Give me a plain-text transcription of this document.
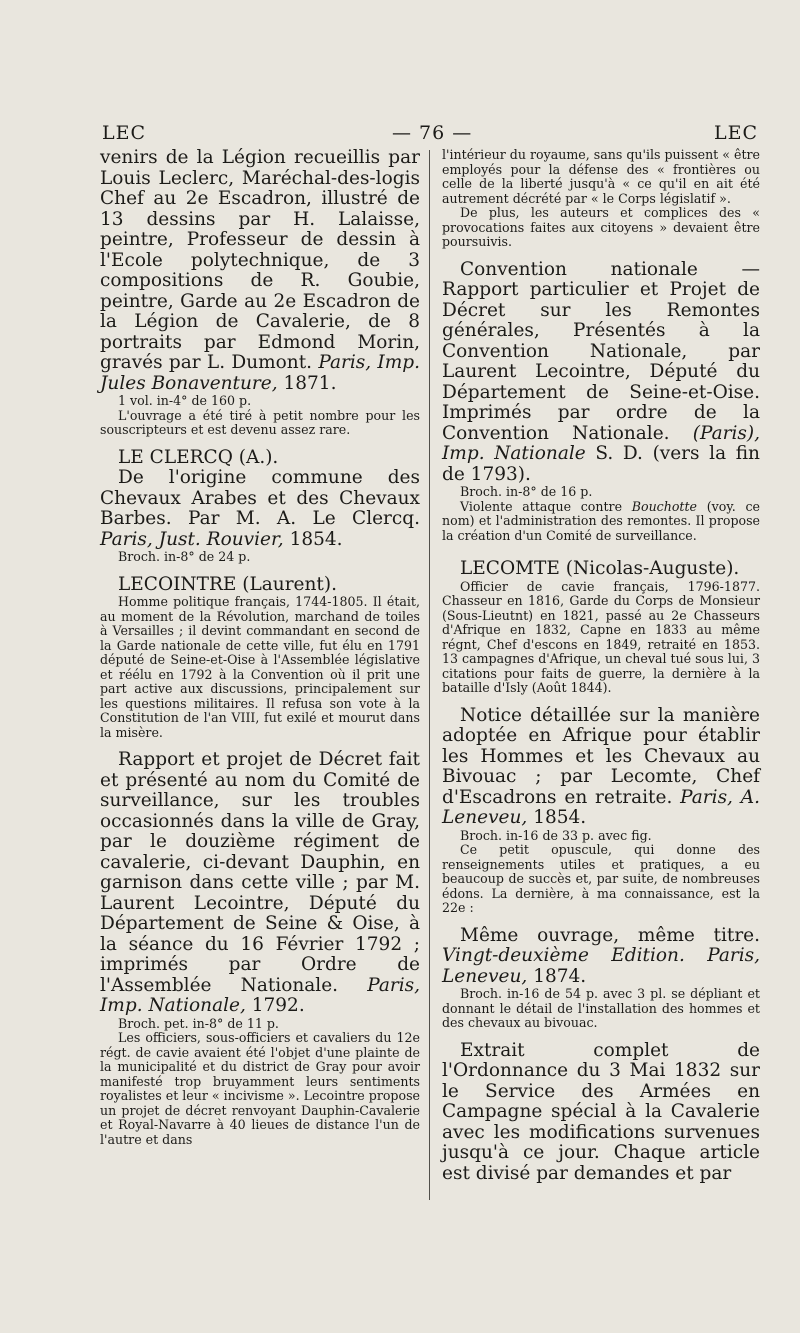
LEC	— 76 —	LEC

venirs de la Légion recueillis par Louis Leclerc, Maréchal-des-logis Chef au 2e Escadron, illustré de 13 dessins par H. Lalaisse, peintre, Professeur de dessin à l'Ecole polytechnique, de 3 compositions de R. Goubie, peintre, Garde au 2e Escadron de la Légion de Cavalerie, de 8 portraits par Edmond Morin, gravés par L. Dumont. Paris, Imp. Jules Bonaventure, 1871.

1 vol. in-4° de 160 p.

L'ouvrage a été tiré à petit nombre pour les souscripteurs et est devenu assez rare.

LE CLERCQ (A.).

De l'origine commune des Chevaux Arabes et des Chevaux Barbes. Par M. A. Le Clercq. Paris, Just. Rouvier, 1854.

Broch. in-8° de 24 p.

LECOINTRE (Laurent).

Homme politique français, 1744-1805. Il était, au moment de la Révolution, marchand de toiles à Versailles ; il devint commandant en second de la Garde nationale de cette ville, fut élu en 1791 député de Seine-et-Oise à l'Assemblée législative et réélu en 1792 à la Convention où il prit une part active aux discussions, principalement sur les questions militaires. Il refusa son vote à la Constitution de l'an VIII, fut exilé et mourut dans la misère.

Rapport et projet de Décret fait et présenté au nom du Comité de surveillance, sur les troubles occasionnés dans la ville de Gray, par le douzième régiment de cavalerie, ci-devant Dauphin, en garnison dans cette ville ; par M. Laurent Lecointre, Député du Département de Seine & Oise, à la séance du 16 Février 1792 ; imprimés par Ordre de l'Assemblée Nationale. Paris, Imp. Nationale, 1792.

Broch. pet. in-8° de 11 p.

Les officiers, sous-officiers et cavaliers du 12e régt. de cavie avaient été l'objet d'une plainte de la municipalité et du district de Gray pour avoir manifesté trop bruyamment leurs sentiments royalistes et leur « incivisme ». Lecointre propose un projet de décret renvoyant Dauphin-Cavalerie et Royal-Navarre à 40 lieues de distance l'un de l'autre et dans

l'intérieur du royaume, sans qu'ils puissent « être employés pour la défense des « frontières ou celle de la liberté jusqu'à « ce qu'il en ait été autrement décrété par « le Corps législatif ».

De plus, les auteurs et complices des « provocations faites aux citoyens » devaient être poursuivis.

Convention nationale — Rapport particulier et Projet de Décret sur les Remontes générales, Présentés à la Convention Nationale, par Laurent Lecointre, Député du Département de Seine-et-Oise. Imprimés par ordre de la Convention Nationale. (Paris), Imp. Nationale S. D. (vers la fin de 1793).

Broch. in-8° de 16 p.

Violente attaque contre Bouchotte (voy. ce nom) et l'administration des remontes. Il propose la création d'un Comité de surveillance.

LECOMTE (Nicolas-Auguste).

Officier de cavie français, 1796-1877. Chasseur en 1816, Garde du Corps de Monsieur (Sous-Lieutnt) en 1821, passé au 2e Chasseurs d'Afrique en 1832, Capne en 1833 au même régnt, Chef d'escons en 1849, retraité en 1853. 13 campagnes d'Afrique, un cheval tué sous lui, 3 citations pour faits de guerre, la dernière à la bataille d'Isly (Août 1844).

Notice détaillée sur la manière adoptée en Afrique pour établir les Hommes et les Chevaux au Bivouac ; par Lecomte, Chef d'Escadrons en retraite. Paris, A. Leneveu, 1854.

Broch. in-16 de 33 p. avec fig.

Ce petit opuscule, qui donne des renseignements utiles et pratiques, a eu beaucoup de succès et, par suite, de nombreuses édons. La dernière, à ma connaissance, est la 22e :

Même ouvrage, même titre. Vingt-deuxième Edition. Paris, Leneveu, 1874.

Broch. in-16 de 54 p. avec 3 pl. se dépliant et donnant le détail de l'installation des hommes et des chevaux au bivouac.

Extrait complet de l'Ordonnance du 3 Mai 1832 sur le Service des Armées en Campagne spécial à la Cavalerie avec les modifications survenues jusqu'à ce jour. Chaque article est divisé par demandes et par
